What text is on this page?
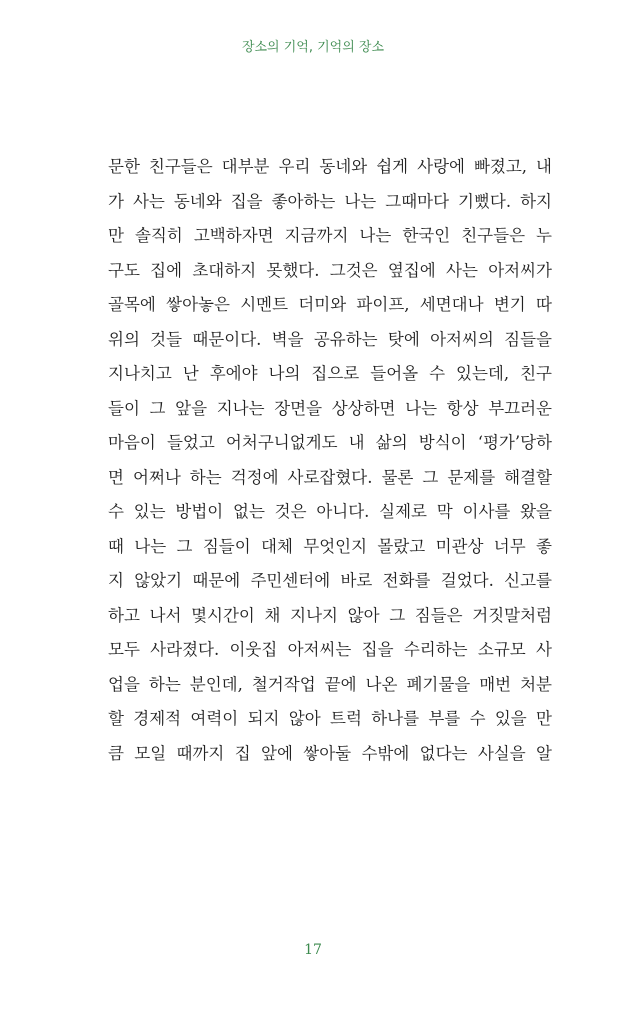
장소의 기억, 기억의 장소
문한 친구들은 대부분 우리 동네와 쉽게 사랑에 빠졌고, 내
가 사는 동네와 집을 좋아하는 나는 그때마다 기뻤다. 하지
만 솔직히 고백하자면 지금까지 나는 한국인 친구들은 누
구도 집에 초대하지 못했다. 그것은 옆집에 사는 아저씨가
골목에 쌓아놓은 시멘트 더미와 파이프, 세면대나 변기 따
위의 것들 때문이다. 벽을 공유하는 탓에 아저씨의 짐들을
지나치고 난 후에야 나의 집으로 들어올 수 있는데, 친구
들이 그 앞을 지나는 장면을 상상하면 나는 항상 부끄러운
마음이 들었고 어처구니없게도 내 삶의 방식이 ‘평가’당하
면 어쩌나 하는 걱정에 사로잡혔다. 물론 그 문제를 해결할
수 있는 방법이 없는 것은 아니다. 실제로 막 이사를 왔을
때 나는 그 짐들이 대체 무엇인지 몰랐고 미관상 너무 좋
지 않았기 때문에 주민센터에 바로 전화를 걸었다. 신고를
하고 나서 몇시간이 채 지나지 않아 그 짐들은 거짓말처럼
모두 사라졌다. 이웃집 아저씨는 집을 수리하는 소규모 사
업을 하는 분인데, 철거작업 끝에 나온 폐기물을 매번 처분
할 경제적 여력이 되지 않아 트럭 하나를 부를 수 있을 만
큼 모일 때까지 집 앞에 쌓아둘 수밖에 없다는 사실을 알
17
